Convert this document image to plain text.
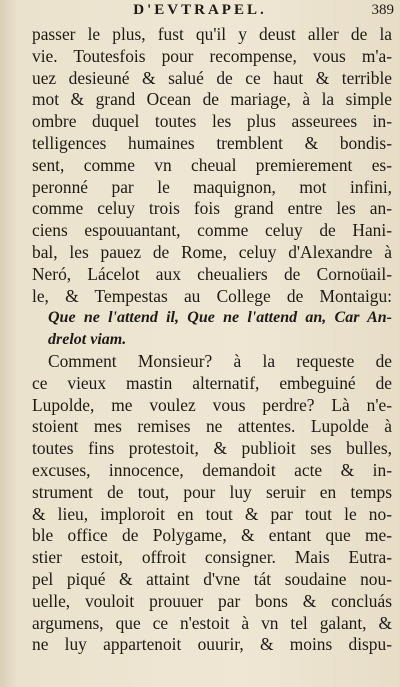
D'EVTRAPEL.	389
passer le plus, fust qu'il y deust aller de la
vie. Toutesfois pour recompense, vous m'a-
uez desieuné & salué de ce haut & terrible
mot & grand Ocean de mariage, à la simple
ombre duquel toutes les plus asseurees in-
telligences humaines tremblent & bondis-
sent, comme vn cheual premierement es-
peronné par le maquignon, mot infini,
comme celuy trois fois grand entre les an-
ciens espouuantant, comme celuy de Hani-
bal, les pauez de Rome, celuy d'Alexandre à
Neró, Lácelot aux cheualiers de Cornoüail-
le, & Tempestas au College de Montaigu:
Que ne l'attend il, Que ne l'attend an, Car An-
drelot viam.
Comment Monsieur? à la requeste de
ce vieux mastin alternatif, embeguiné de
Lupolde, me voulez vous perdre? Là n'e-
stoient mes remises ne attentes. Lupolde à
toutes fins protestoit, & publioit ses bulles,
excuses, innocence, demandoit acte & in-
strument de tout, pour luy seruir en temps
& lieu, imploroit en tout & par tout le no-
ble office de Polygame, & entant que me-
stier estoit, offroit consigner. Mais Eutra-
pel piqué & attaint d'vne tát soudaine nou-
uelle, vouloit prouuer par bons & concluás
argumens, que ce n'estoit à vn tel galant, &
ne luy appartenoit ouurir, & moins dispu-
